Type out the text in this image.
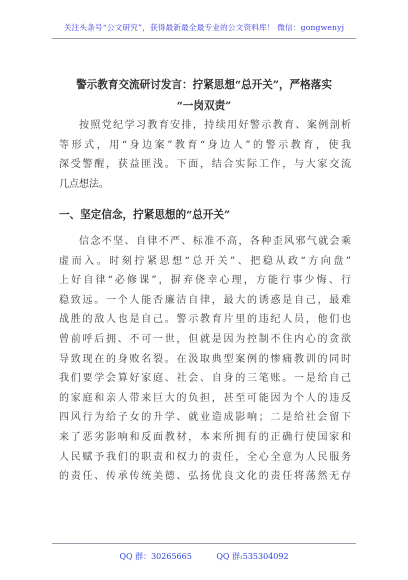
关注头条号“公文研究”，获得最新最全最专业的公文资料库！ 微信：gongwenyj
警示教育交流研讨发言：拧紧思想“总开关”，严格落实
“一岗双责”
按照党纪学习教育安排，持续用好警示教育、案例剖析
等形式，用“身边案”教育“身边人”的警示教育，使我
深受警醒，获益匪浅。下面，结合实际工作，与大家交流
几点想法。
一、坚定信念，拧紧思想的“总开关”
信念不坚、自律不严、标准不高，各种歪风邪气就会乘
虚而入。时刻拧紧思想“总开关”、把稳从政“方向盘”
上好自律“必修课”，摒弃侥幸心理，方能行事少悔、行
稳致远。一个人能否廉洁自律，最大的诱惑是自己，最难
战胜的敌人也是自己。警示教育片里的违纪人员，他们也
曾前呼后拥、不可一世，但就是因为控制不住内心的贪欲
导致现在的身败名裂。在汲取典型案例的惨痛教训的同时
我们要学会算好家庭、社会、自身的三笔账。一是给自己
的家庭和亲人带来巨大的负担，甚至可能因为个人的违反
四风行为给子女的升学、就业造成影响；二是给社会留下
来了恶劣影响和反面教材，本来所拥有的正确行使国家和
人民赋予我们的职责和权力的责任，全心全意为人民服务
的责任、传承传统美德、弘扬优良文化的责任将荡然无存
QQ 群：30265665	QQ 群:535304092
